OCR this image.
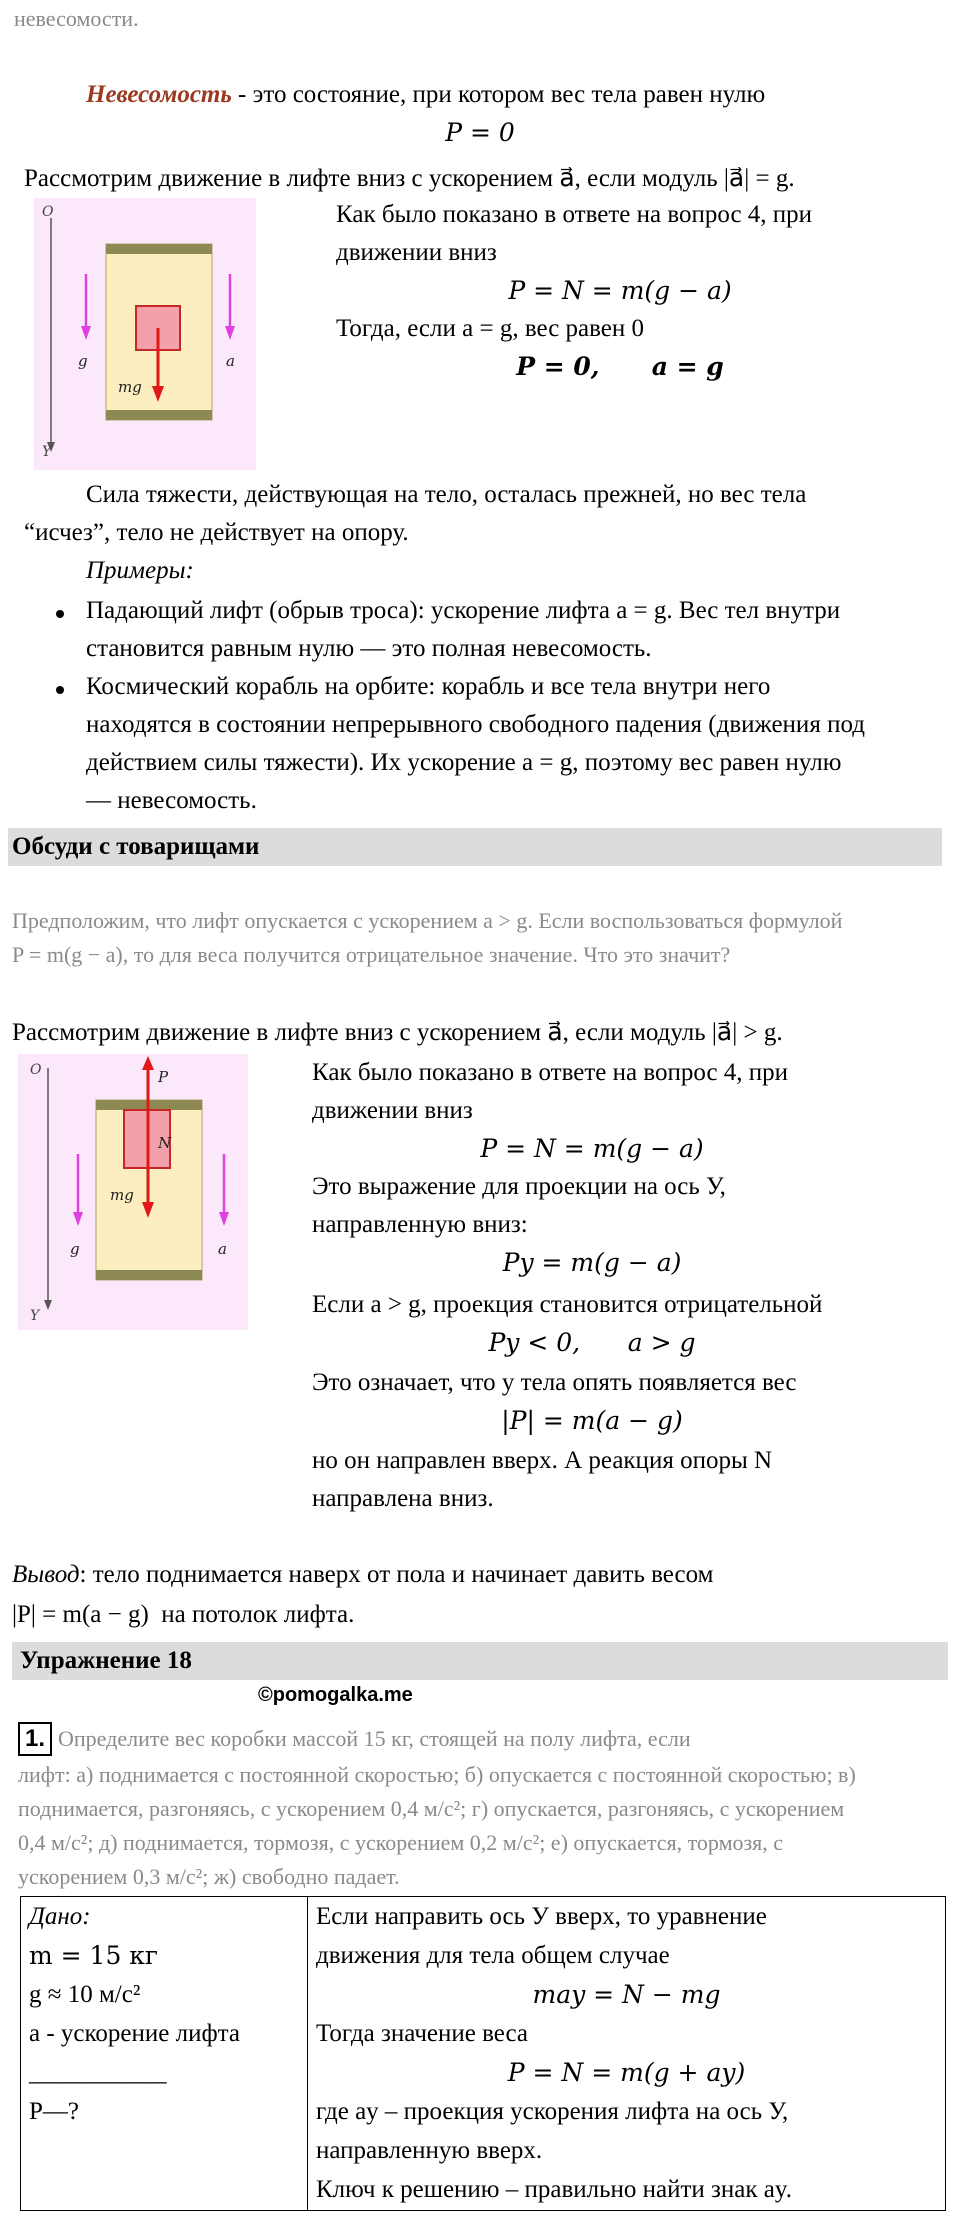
невесомости.
Невесомость - это состояние, при котором вес тела равен нулю
P = 0
Рассмотрим движение в лифте вниз с ускорением a⃗, если модуль |a⃗| = g.
O
Y
g
mg
a
Как было показано в ответе на вопрос 4, при
движении вниз
P = N = m(g − a)
Тогда, если a = g, вес равен 0
P = 0,      a = g
Сила тяжести, действующая на тело, осталась прежней, но вес тела
“исчез”, тело не действует на опору.
Примеры:
Падающий лифт (обрыв троса): ускорение лифта a = g. Вес тел внутри
становится равным нулю — это полная невесомость.
Космический корабль на орбите: корабль и все тела внутри него
находятся в состоянии непрерывного свободного падения (движения под
действием силы тяжести). Их ускорение a = g, поэтому вес равен нулю
— невесомость.
Обсуди с товарищами
Предположим, что лифт опускается с ускорением a > g. Если воспользоваться формулой
P = m(g − a), то для веса получится отрицательное значение. Что это значит?
Рассмотрим движение в лифте вниз с ускорением a⃗, если модуль |a⃗| > g.
O
Y
g
P
N
mg
a
Как было показано в ответе на вопрос 4, при
движении вниз
P = N = m(g − a)
Это выражение для проекции на ось У,
направленную вниз:
Py = m(g − a)
Если a > g, проекция становится отрицательной
Py < 0,      a > g
Это означает, что у тела опять появляется вес
|P| = m(a − g)
но он направлен вверх. А реакция опоры N
направлена вниз.
Вывод: тело поднимается наверх от пола и начинает давить весом
|P| = m(a − g)  на потолок лифта.
Упражнение 18
©pomogalka.me
1. Определите вес коробки массой 15 кг, стоящей на полу лифта, если
лифт: а) поднимается с постоянной скоростью; б) опускается с постоянной скоростью; в)
поднимается, разгоняясь, с ускорением 0,4 м/с²; г) опускается, разгоняясь, с ускорением
0,4 м/с²; д) поднимается, тормозя, с ускорением 0,2 м/с²; е) опускается, тормозя, с
ускорением 0,3 м/с²; ж) свободно падает.
Дано:
m = 15 кг
g ≈ 10 м/с²
a - ускорение лифта
___________
P—?

Если направить ось У вверх, то уравнение
движения для тела общем случае
may = N − mg
Тогда значение веса
P = N = m(g + ay)
где ay – проекция ускорения лифта на ось У,
направленную вверх.
Ключ к решению – правильно найти знак ay.
